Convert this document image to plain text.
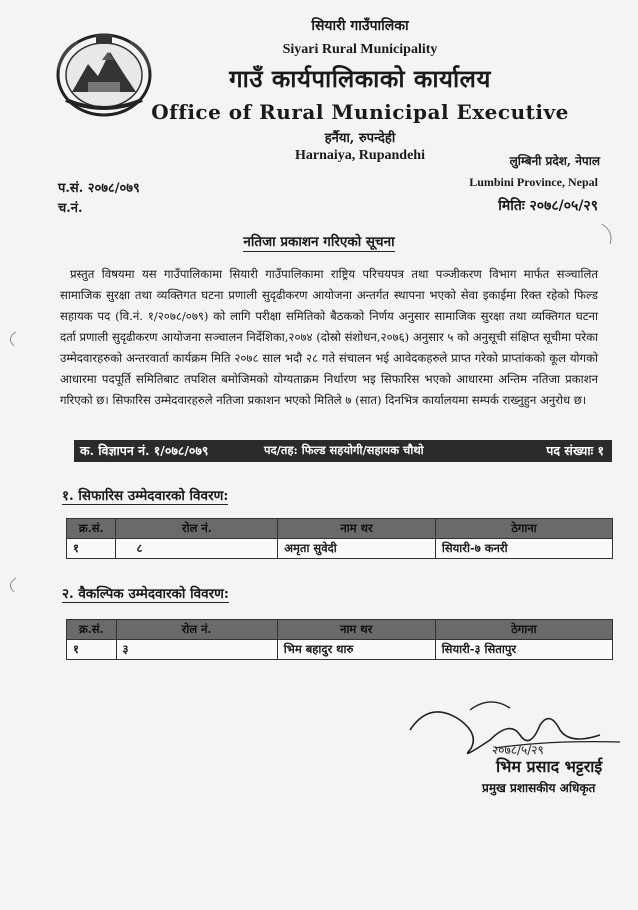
सियारी गाउँपालिका
Siyari Rural Municipality
गाउँ कार्यपालिकाको कार्यालय
Office of Rural Municipal Executive
हर्नैया, रुपन्देही
Harnaiya, Rupandehi	लुम्बिनी प्रदेश, नेपाल
Lumbini Province, Nepal
प.सं. २०७८/०७९
च.नं.	मितिः २०७८/०५/२९
नतिजा प्रकाशन गरिएको सूचना
प्रस्तुत विषयमा यस गाउँपालिकामा सियारी गाउँपालिकामा राष्ट्रिय परिचयपत्र तथा पञ्जीकरण विभाग मार्फत सञ्चालित सामाजिक सुरक्षा तथा व्यक्तिगत घटना प्रणाली सुदृढीकरण आयोजना अन्तर्गत स्थापना भएको सेवा इकाईमा रिक्त रहेको फिल्ड सहायक पद (वि.नं. १/२०७८/०७९) को लागि परीक्षा समितिको बैठकको निर्णय अनुसार सामाजिक सुरक्षा तथा व्यक्तिगत घटना दर्ता प्रणाली सुदृढीकरण आयोजना सञ्चालन निर्देशिका,२०७४ (दोस्रो संशोधन,२०७६) अनुसार ५ को अनुसूची संक्षिप्त सूचीमा परेका उम्मेदवारहरुको अन्तरवार्ता कार्यक्रम मिति २०७८ साल भदौ २८ गते संचालन भई आवेदकहरुले प्राप्त गरेको प्राप्तांकको कूल योगको आधारमा पदपूर्ति समितिबाट तपशिल बमोजिमको योग्यताक्रम निर्धारण भइ सिफारिस भएको आधारमा अन्तिम नतिजा प्रकाशन गरिएको छ। सिफारिस उम्मेदवारहरुले नतिजा प्रकाशन भएको मितिले ७ (सात) दिनभित्र कार्यालयमा सम्पर्क राख्नुहुन अनुरोध छ।
क. विज्ञापन नं. १/०७८/०७९	पद/तह: फिल्ड सहयोगी/सहायक चौथो	पद संख्याः १
१. सिफारिस उम्मेदवारको विवरण:
क्र.सं.	रोल नं.	नाम थर	ठेगाना
१	८	अमृता सुवेदी	सियारी-७ कनरी
२. वैकल्पिक उम्मेदवारको विवरण:
क्र.सं.	रोल नं.	नाम थर	ठेगाना
१	३	भिम बहादुर थारु	सियारी-३ सितापुर
२०७८/५/२९
भिम प्रसाद भट्टराई
प्रमुख प्रशासकीय अधिकृत
